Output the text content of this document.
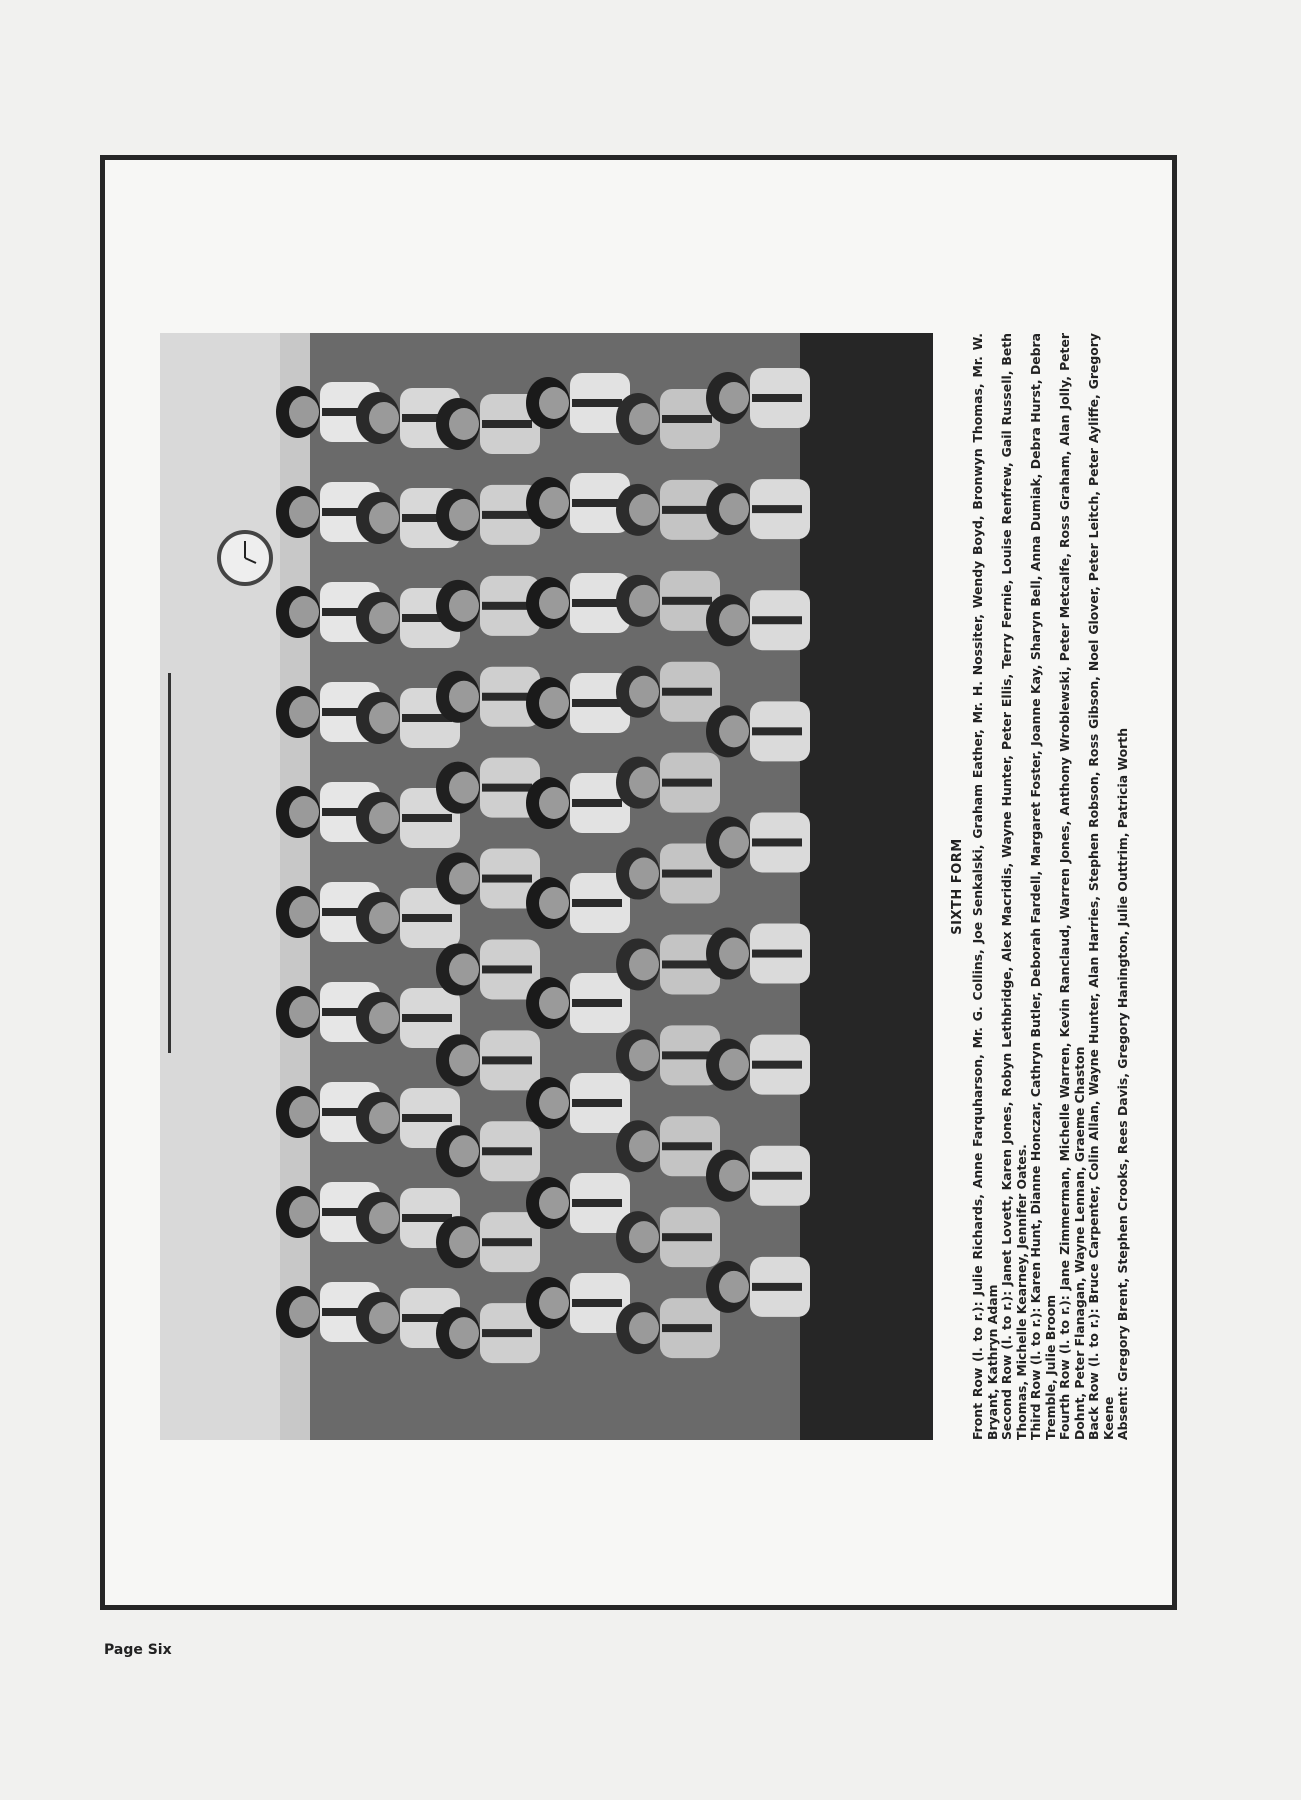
SIXTH FORM

Front Row (l. to r.): Julie Richards, Anne Farquharson, Mr. G. Collins, Joe Senkalski, Graham Eather, Mr. H. Nossiter, Wendy Boyd, Bronwyn Thomas, Mr. W. Bryant, Kathryn Adam Second Row (l. to r.): Janet Lovett, Karen Jones, Robyn Lethbridge, Alex Macridis, Wayne Hunter, Peter Ellis, Terry Fernie, Louise Renfrew, Gail Russell, Beth Thomas, Michelle Kearney, Jennifer Oates. Third Row (l. to r.): Karen Hunt, Dianne Honczar, Cathryn Butler, Deborah Fardell, Margaret Foster, Joanne Kay, Sharyn Bell, Anna Dumiak, Debra Hurst, Debra Tremble, Julie Broom Fourth Row (l. to r.): Jane Zimmerman, Michelle Warren, Kevin Ranclaud, Warren Jones, Anthony Wroblewski, Peter Metcalfe, Ross Graham, Alan Jolly, Peter Dohnt, Peter Flanagan, Wayne Lennan, Graeme Chaston Back Row (l. to r.): Bruce Carpenter, Colin Allan, Wayne Hunter, Alan Harries, Stephen Robson, Ross Gibson, Noel Glover, Peter Leitch, Peter Ayliffe, Gregory Keene Absent: Gregory Brent, Stephen Crooks, Rees Davis, Gregory Hanington, Julie Outtrim, Patricia Worth

Page Six
